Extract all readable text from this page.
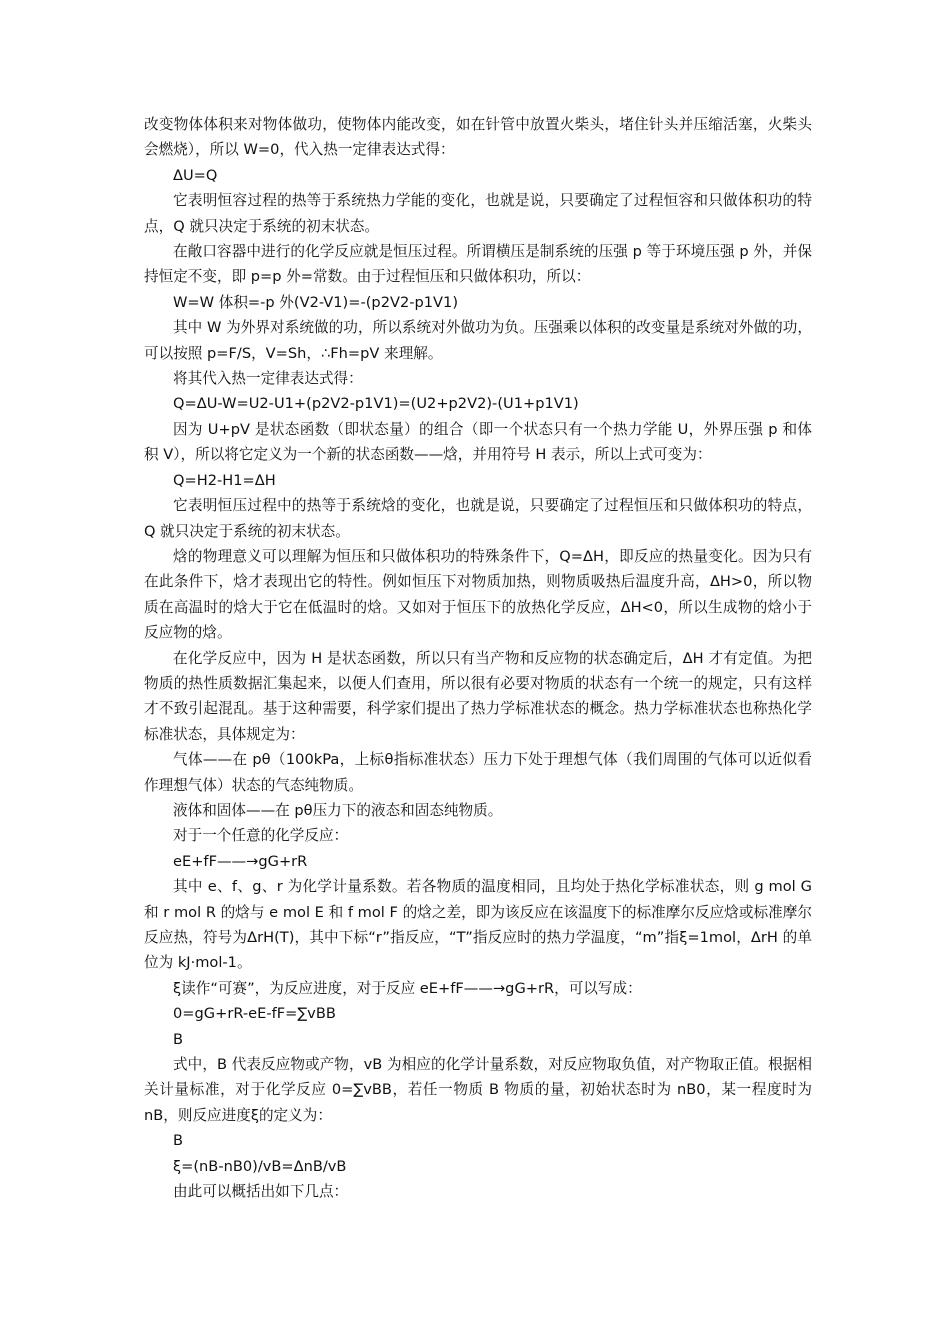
改变物体体积来对物体做功，使物体内能改变，如在针管中放置火柴头，堵住针头并压缩活塞，火柴头会燃烧），所以 W=0，代入热一定律表达式得：

ΔU=Q

它表明恒容过程的热等于系统热力学能的变化，也就是说，只要确定了过程恒容和只做体积功的特点，Q 就只决定于系统的初末状态。

在敞口容器中进行的化学反应就是恒压过程。所谓横压是制系统的压强 p 等于环境压强 p 外，并保持恒定不变，即 p=p 外=常数。由于过程恒压和只做体积功，所以：

W=W 体积=-p 外(V2-V1)=-(p2V2-p1V1)

其中 W 为外界对系统做的功，所以系统对外做功为负。压强乘以体积的改变量是系统对外做的功，可以按照 p=F/S，V=Sh，∴Fh=pV 来理解。

将其代入热一定律表达式得：

Q=ΔU-W=U2-U1+(p2V2-p1V1)=(U2+p2V2)-(U1+p1V1)

因为 U+pV 是状态函数（即状态量）的组合（即一个状态只有一个热力学能 U，外界压强 p 和体积 V），所以将它定义为一个新的状态函数——焓，并用符号 H 表示，所以上式可变为：

Q=H2-H1=ΔH

它表明恒压过程中的热等于系统焓的变化，也就是说，只要确定了过程恒压和只做体积功的特点，Q 就只决定于系统的初末状态。

焓的物理意义可以理解为恒压和只做体积功的特殊条件下，Q=ΔH，即反应的热量变化。因为只有在此条件下，焓才表现出它的特性。例如恒压下对物质加热，则物质吸热后温度升高，ΔH>0，所以物质在高温时的焓大于它在低温时的焓。又如对于恒压下的放热化学反应，ΔH<0，所以生成物的焓小于反应物的焓。

在化学反应中，因为 H 是状态函数，所以只有当产物和反应物的状态确定后，ΔH 才有定值。为把物质的热性质数据汇集起来，以便人们查用，所以很有必要对物质的状态有一个统一的规定，只有这样才不致引起混乱。基于这种需要，科学家们提出了热力学标准状态的概念。热力学标准状态也称热化学标准状态，具体规定为：

气体——在 pθ（100kPa，上标θ指标准状态）压力下处于理想气体（我们周围的气体可以近似看作理想气体）状态的气态纯物质。

液体和固体——在 pθ压力下的液态和固态纯物质。

对于一个任意的化学反应：

eE+fF——→gG+rR

其中 e、f、g、r 为化学计量系数。若各物质的温度相同，且均处于热化学标准状态，则 g mol G 和 r mol R 的焓与 e mol E 和 f mol F 的焓之差，即为该反应在该温度下的标准摩尔反应焓或标准摩尔反应热，符号为ΔrH(T)，其中下标“r”指反应，“T”指反应时的热力学温度，“m”指ξ=1mol，ΔrH 的单位为 kJ·mol-1。

ξ读作“可赛”，为反应进度，对于反应 eE+fF——→gG+rR，可以写成：

0=gG+rR-eE-fF=∑vBB

B

式中，B 代表反应物或产物，vB 为相应的化学计量系数，对反应物取负值，对产物取正值。根据相关计量标准，对于化学反应 0=∑vBB，若任一物质 B 物质的量，初始状态时为 nB0，某一程度时为 nB，则反应进度ξ的定义为：

B

ξ=(nB-nB0)/vB=ΔnB/vB

由此可以概括出如下几点：
